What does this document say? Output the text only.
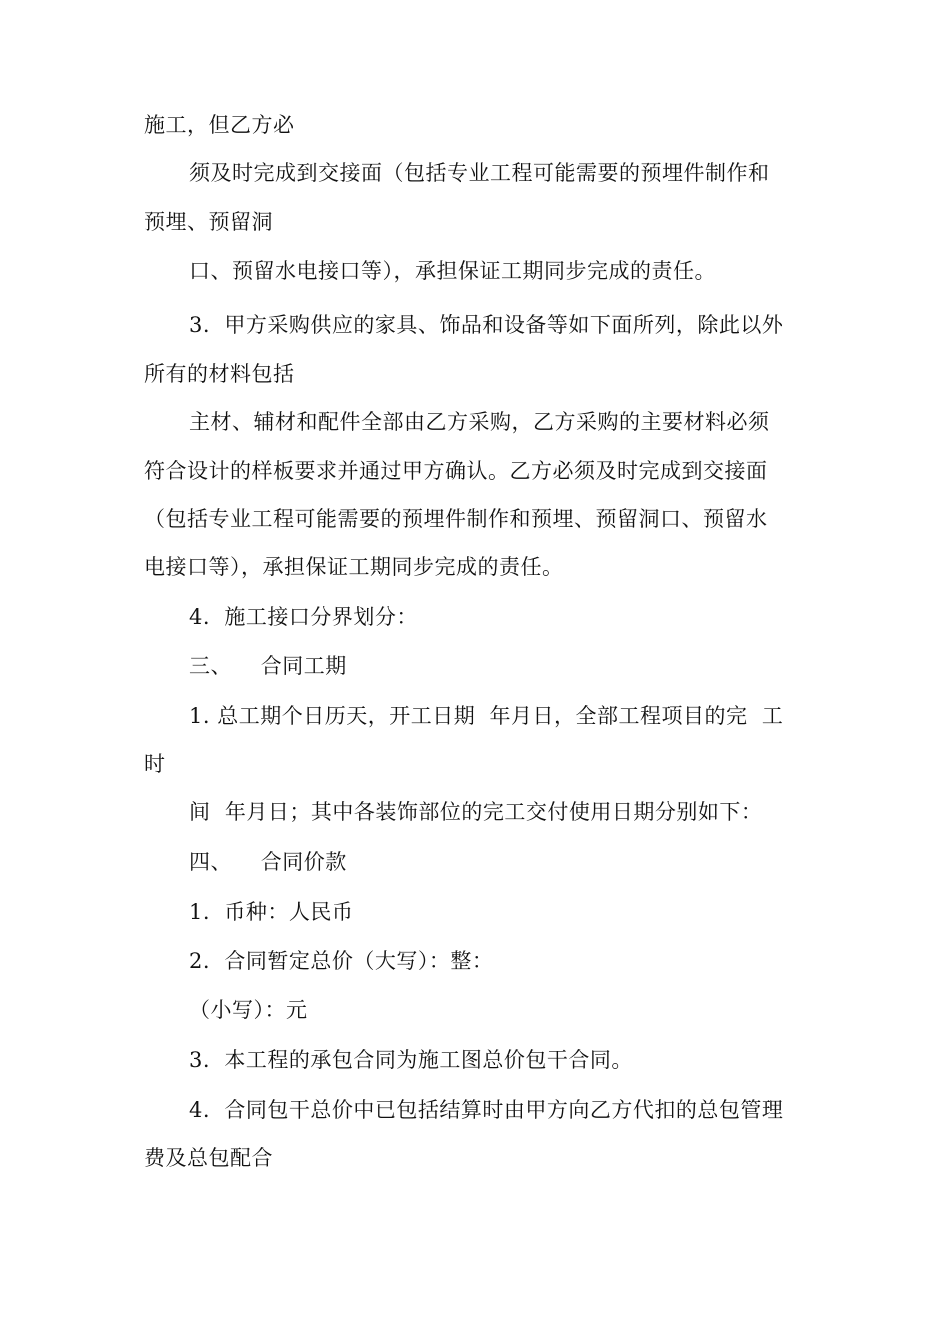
施工，但乙方必
须及时完成到交接面（包括专业工程可能需要的预埋件制作和
预埋、预留洞
口、预留水电接口等），承担保证工期同步完成的责任。
3.  甲方采购供应的家具、饰品和设备等如下面所列，除此以外
所有的材料包括
主材、辅材和配件全部由乙方采购，乙方采购的主要材料必须
符合设计的样板要求并通过甲方确认。乙方必须及时完成到交接面
（包括专业工程可能需要的预埋件制作和预埋、预留洞口、预留水
电接口等），承担保证工期同步完成的责任。
4.  施工接口分界划分：
三、    合同工期
1. 总工期个日历天，开工日期  年月日，全部工程项目的完  工
时
间  年月日；其中各装饰部位的完工交付使用日期分别如下：
四、    合同价款
1.  币种：人民币
2.  合同暂定总价（大写）：整：
（小写）：元
3.  本工程的承包合同为施工图总价包干合同。
4.  合同包干总价中已包括结算时由甲方向乙方代扣的总包管理
费及总包配合
